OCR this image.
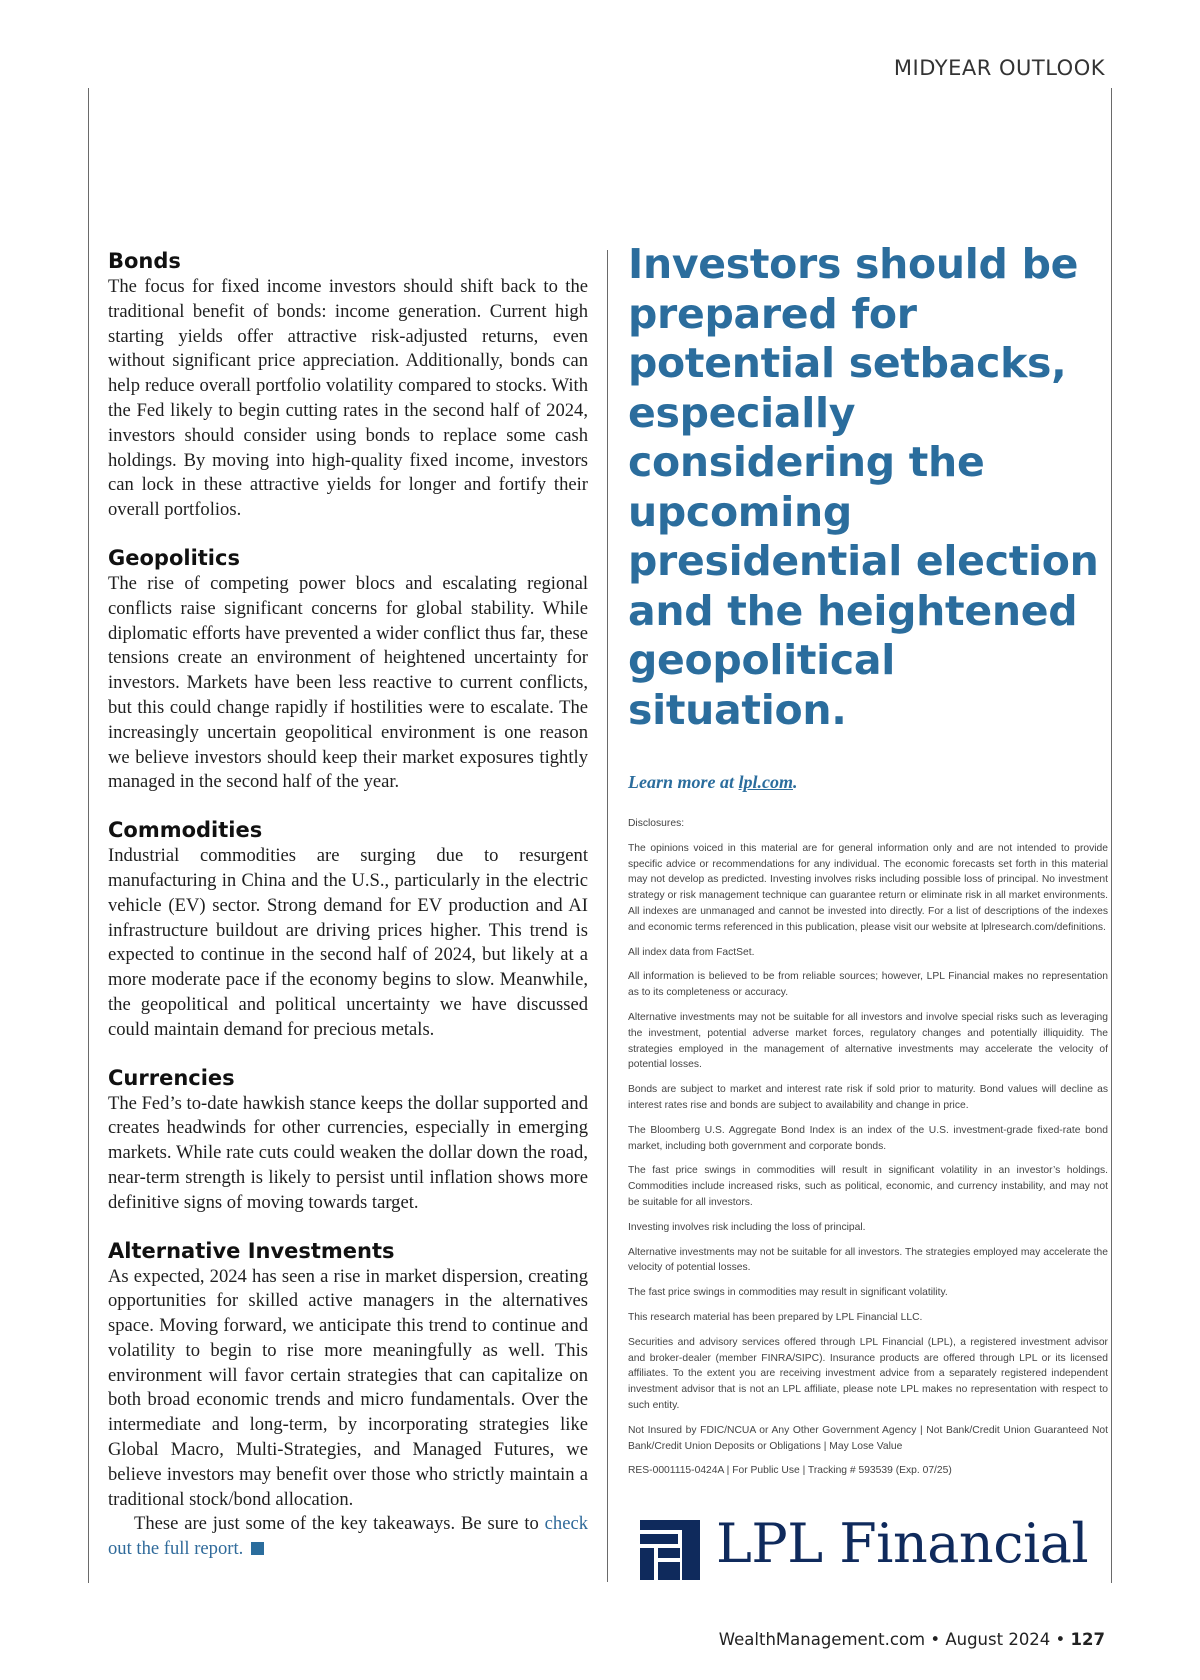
MIDYEAR OUTLOOK
Bonds

The focus for fixed income investors should shift back to the traditional benefit of bonds: income generation. Current high starting yields offer attractive risk-adjusted returns, even without significant price appreciation. Additionally, bonds can help reduce overall portfolio volatility compared to stocks. With the Fed likely to begin cutting rates in the second half of 2024, investors should consider using bonds to replace some cash holdings. By moving into high-quality fixed income, investors can lock in these attractive yields for longer and fortify their overall portfolios.

Geopolitics

The rise of competing power blocs and escalating regional conflicts raise significant concerns for global stability. While diplomatic efforts have prevented a wider conflict thus far, these tensions create an environment of heightened uncertainty for investors. Markets have been less reactive to current conflicts, but this could change rapidly if hostilities were to escalate. The increasingly uncertain geopolitical environment is one reason we believe investors should keep their market exposures tightly managed in the second half of the year.

Commodities

Industrial commodities are surging due to resurgent manufacturing in China and the U.S., particularly in the electric vehicle (EV) sector. Strong demand for EV production and AI infrastructure buildout are driving prices higher. This trend is expected to continue in the second half of 2024, but likely at a more moderate pace if the economy begins to slow. Meanwhile, the geopolitical and political uncertainty we have discussed could maintain demand for precious metals.

Currencies

The Fed’s to-date hawkish stance keeps the dollar supported and creates headwinds for other currencies, especially in emerging markets. While rate cuts could weaken the dollar down the road, near-term strength is likely to persist until inflation shows more definitive signs of moving towards target.

Alternative Investments

As expected, 2024 has seen a rise in market dispersion, creating opportunities for skilled active managers in the alternatives space. Moving forward, we anticipate this trend to continue and volatility to begin to rise more meaningfully as well. This environment will favor certain strategies that can capitalize on both broad economic trends and micro fundamentals. Over the intermediate and long-term, by incorporating strategies like Global Macro, Multi-Strategies, and Managed Futures, we believe investors may benefit over those who strictly maintain a traditional stock/bond allocation.

These are just some of the key takeaways. Be sure to check out the full report.

Investors should be prepared for potential setbacks, especially considering the upcoming presidential election and the heightened geopolitical situation.

Learn more at lpl.com.

Disclosures:

The opinions voiced in this material are for general information only and are not intended to provide specific advice or recommendations for any individual. The economic forecasts set forth in this material may not develop as predicted. Investing involves risks including possible loss of principal. No investment strategy or risk management technique can guarantee return or eliminate risk in all market environments. All indexes are unmanaged and cannot be invested into directly. For a list of descriptions of the indexes and economic terms referenced in this publication, please visit our website at lplresearch.com/definitions.

All index data from FactSet.

All information is believed to be from reliable sources; however, LPL Financial makes no representation as to its completeness or accuracy.

Alternative investments may not be suitable for all investors and involve special risks such as leveraging the investment, potential adverse market forces, regulatory changes and potentially illiquidity. The strategies employed in the management of alternative investments may accelerate the velocity of potential losses.

Bonds are subject to market and interest rate risk if sold prior to maturity. Bond values will decline as interest rates rise and bonds are subject to availability and change in price.

The Bloomberg U.S. Aggregate Bond Index is an index of the U.S. investment-grade fixed-rate bond market, including both government and corporate bonds.

The fast price swings in commodities will result in significant volatility in an investor’s holdings. Commodities include increased risks, such as political, economic, and currency instability, and may not be suitable for all investors.

Investing involves risk including the loss of principal.

Alternative investments may not be suitable for all investors. The strategies employed may accelerate the velocity of potential losses.

The fast price swings in commodities may result in significant volatility.

This research material has been prepared by LPL Financial LLC.

Securities and advisory services offered through LPL Financial (LPL), a registered investment advisor and broker-dealer (member FINRA/SIPC). Insurance products are offered through LPL or its licensed affiliates. To the extent you are receiving investment advice from a separately registered independent investment advisor that is not an LPL affiliate, please note LPL makes no representation with respect to such entity.

Not Insured by FDIC/NCUA or Any Other Government Agency | Not Bank/Credit Union Guaranteed Not Bank/Credit Union Deposits or Obligations | May Lose Value

RES-0001115-0424A | For Public Use | Tracking # 593539 (Exp. 07/25)

LPL Financial
WealthManagement.com • August 2024 • 127
